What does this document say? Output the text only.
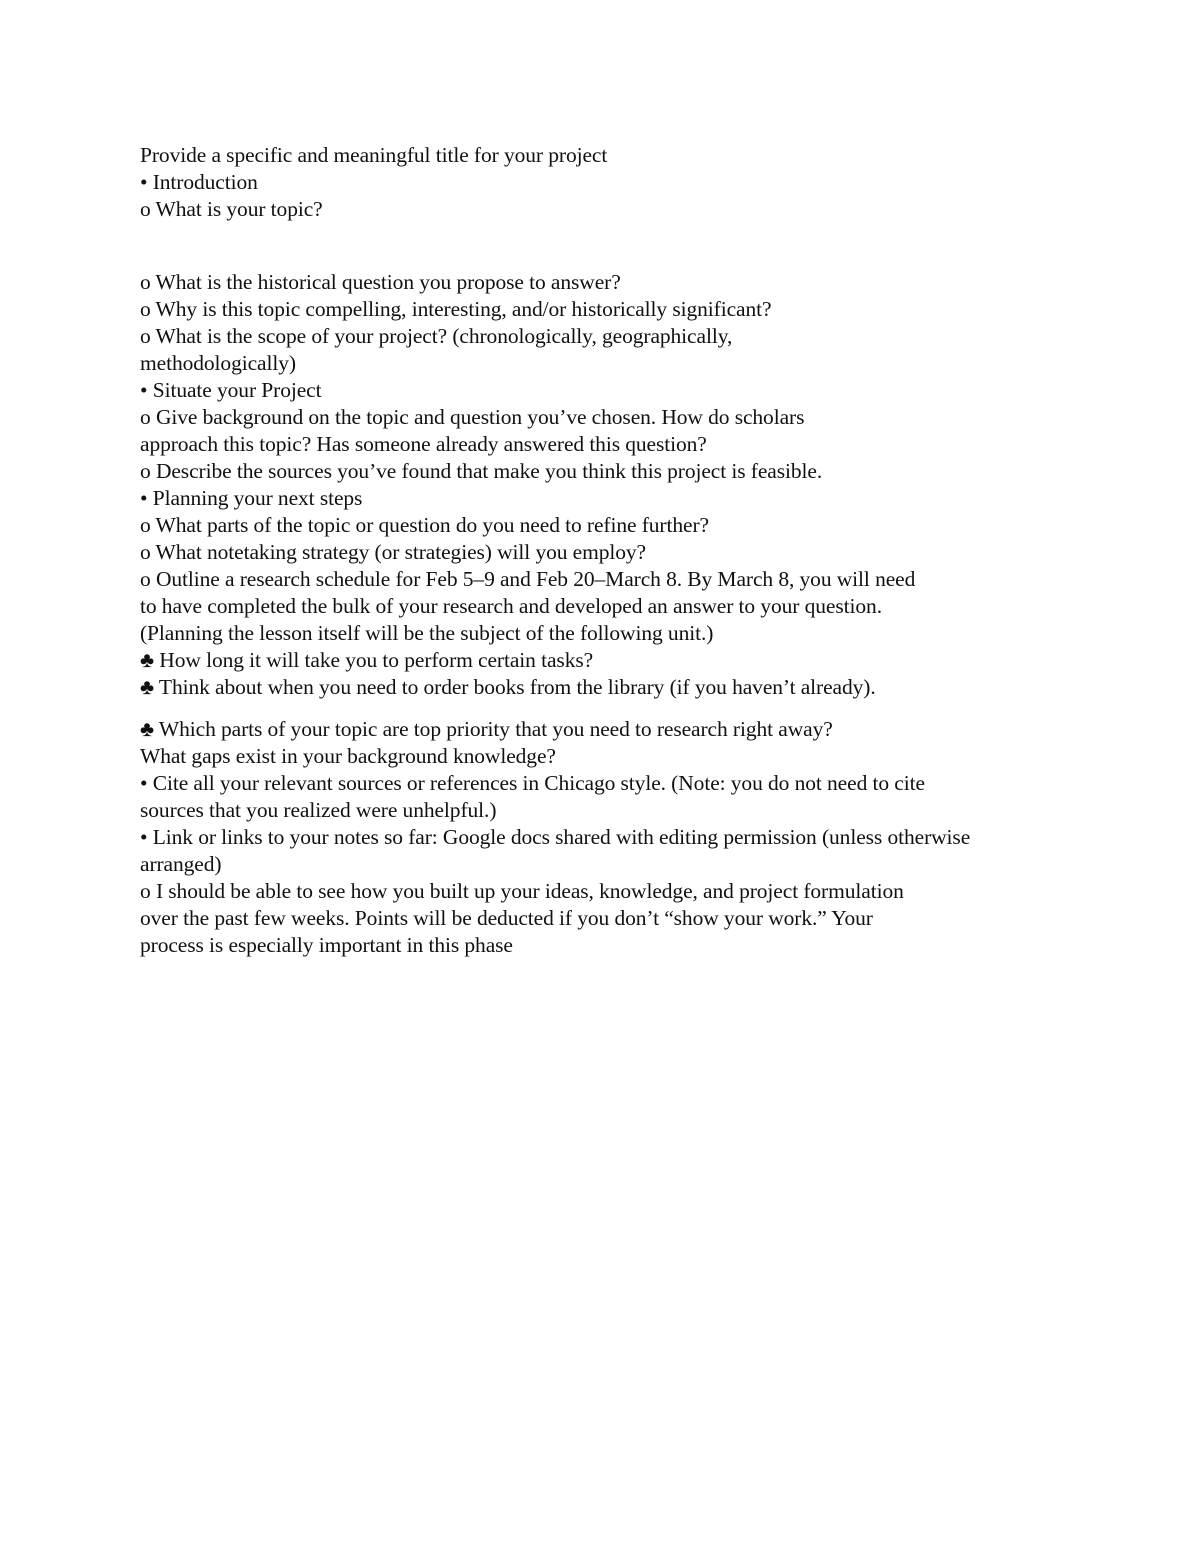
Provide a specific and meaningful title for your project

• Introduction

o What is your topic?

o What is the historical question you propose to answer?

o Why is this topic compelling, interesting, and/or historically significant?

o What is the scope of your project? (chronologically, geographically, methodologically)

• Situate your Project

o Give background on the topic and question you’ve chosen. How do scholars approach this topic? Has someone already answered this question?

o Describe the sources you’ve found that make you think this project is feasible.

• Planning your next steps

o What parts of the topic or question do you need to refine further?

o What notetaking strategy (or strategies) will you employ?

o Outline a research schedule for Feb 5–9 and Feb 20–March 8. By March 8, you will need to have completed the bulk of your research and developed an answer to your question. (Planning the lesson itself will be the subject of the following unit.)

♣ How long it will take you to perform certain tasks?

♣ Think about when you need to order books from the library (if you haven’t already).

♣ Which parts of your topic are top priority that you need to research right away? What gaps exist in your background knowledge?

• Cite all your relevant sources or references in Chicago style. (Note: you do not need to cite sources that you realized were unhelpful.)

• Link or links to your notes so far: Google docs shared with editing permission (unless otherwise arranged)

o I should be able to see how you built up your ideas, knowledge, and project formulation over the past few weeks. Points will be deducted if you don’t “show your work.” Your process is especially important in this phase
